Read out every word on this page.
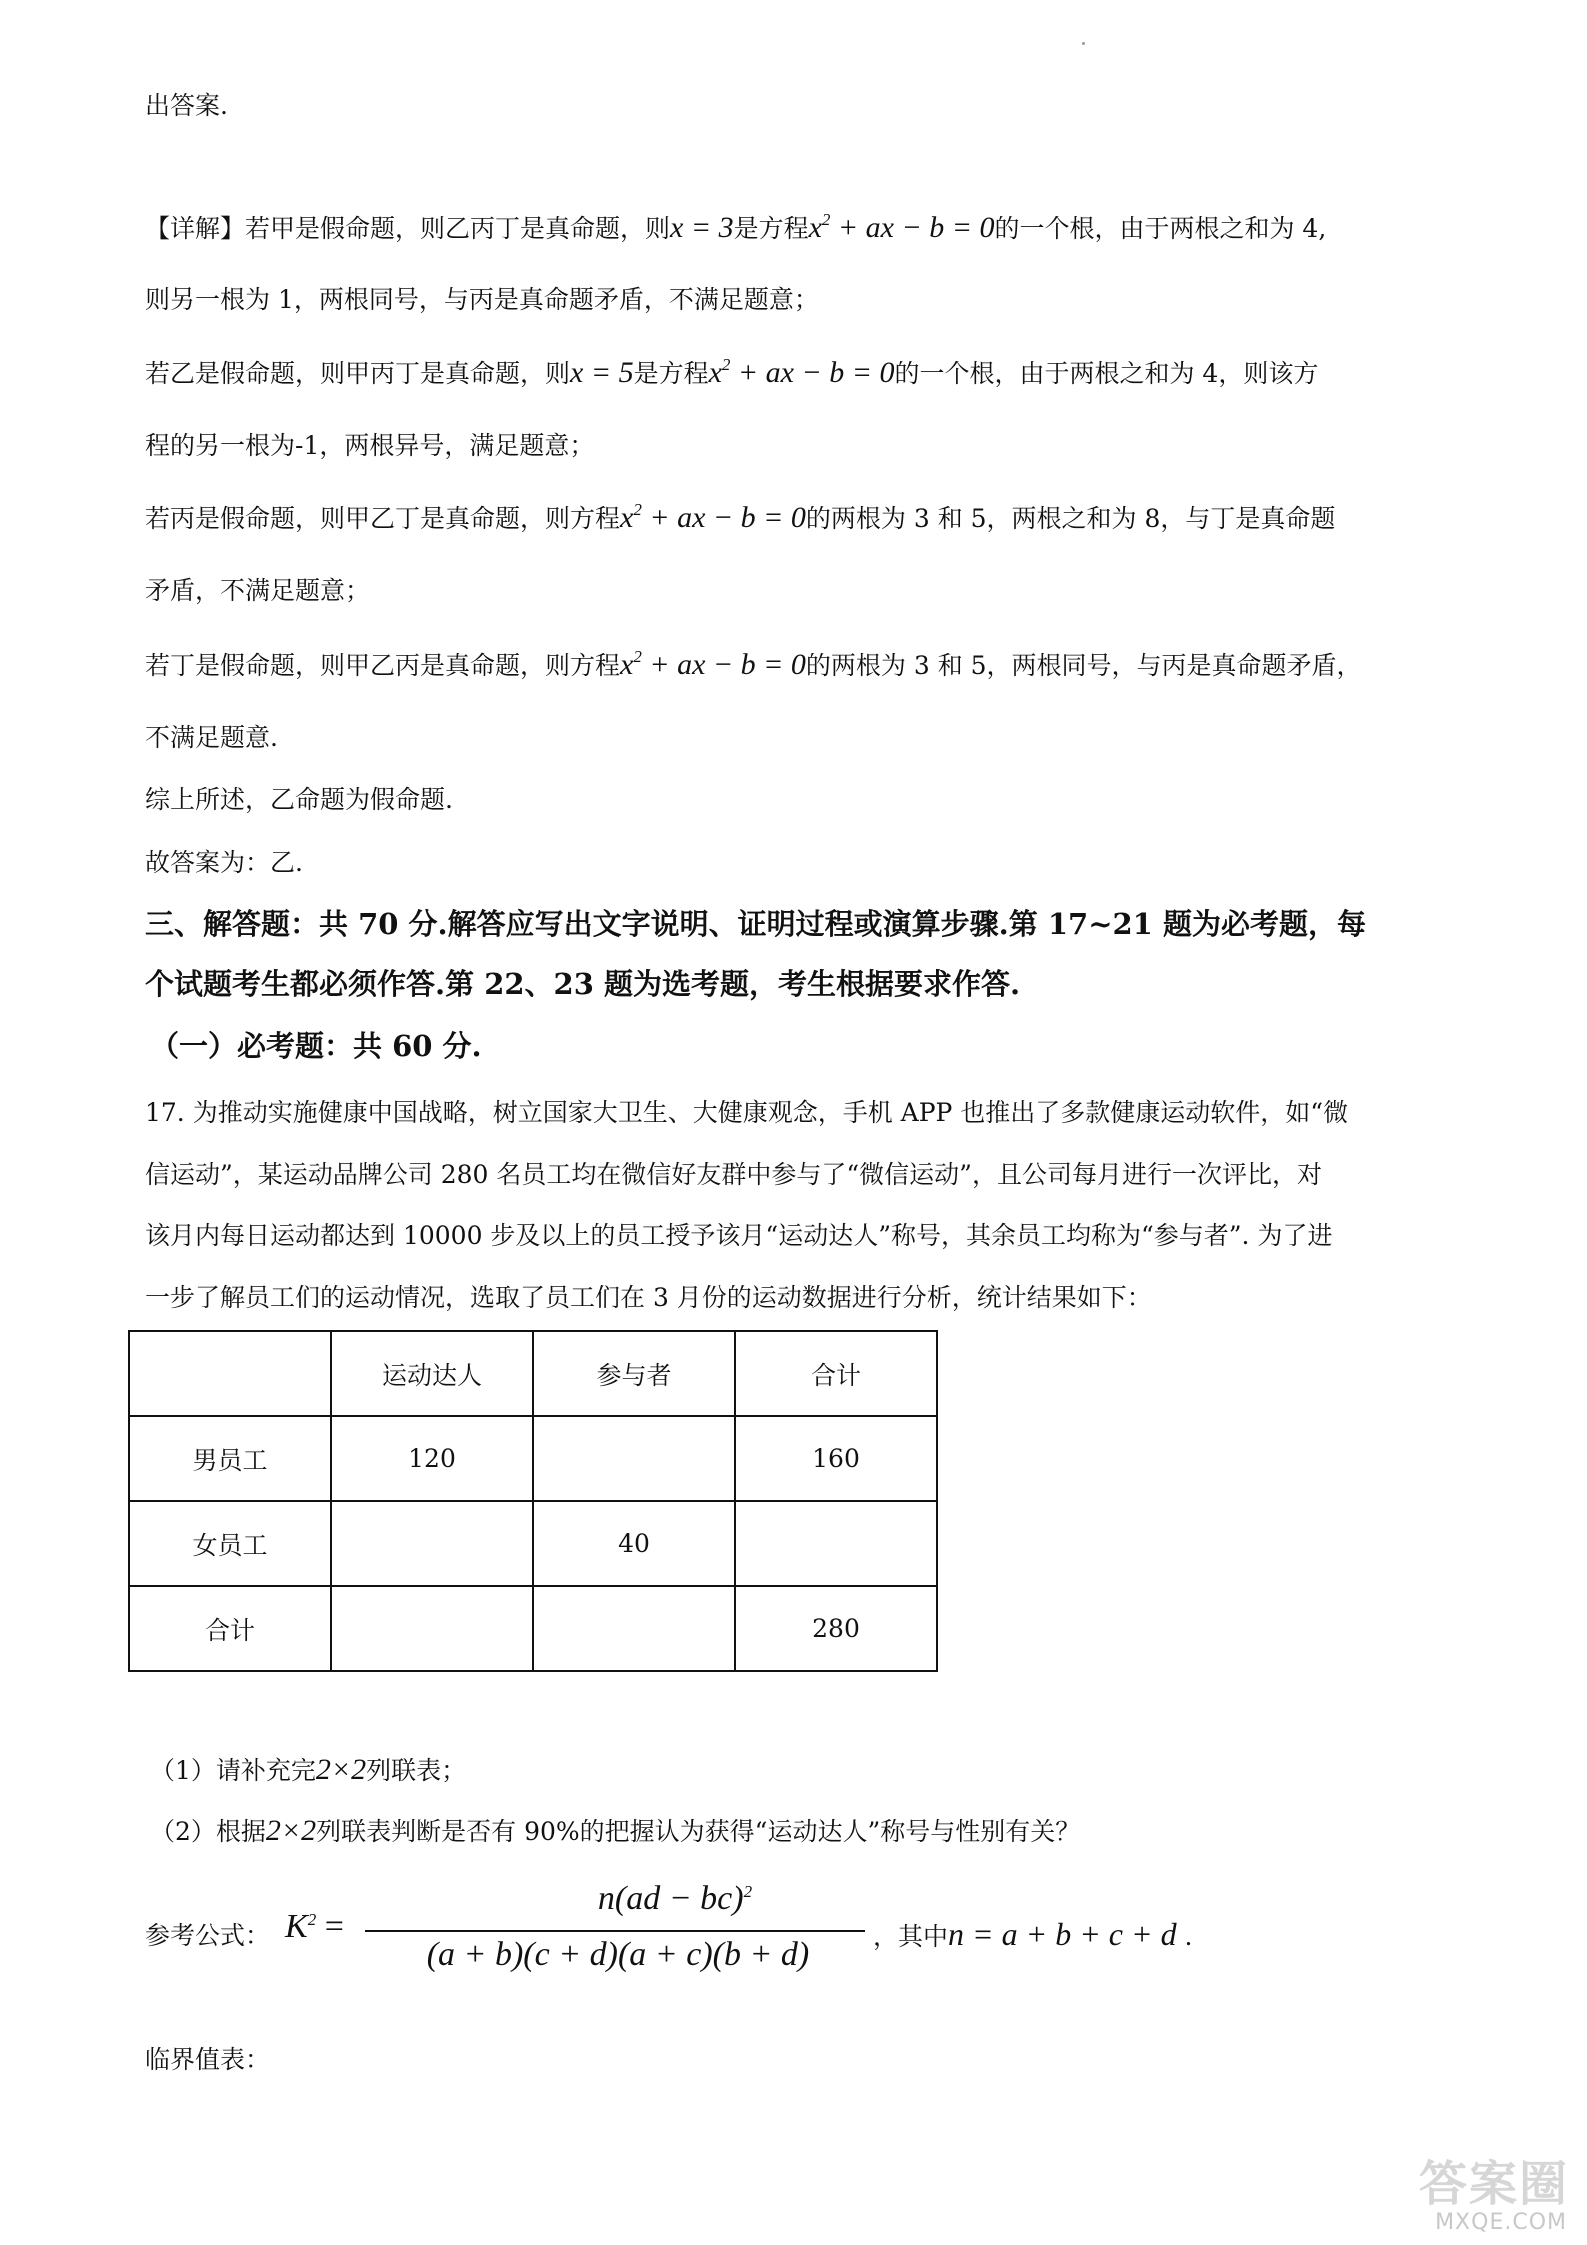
出答案.
【详解】若甲是假命题，则乙丙丁是真命题，则x = 3是方程$x^2$ + ax − b = 0的一个根，由于两根之和为 4,
则另一根为 1，两根同号，与丙是真命题矛盾，不满足题意；
若乙是假命题，则甲丙丁是真命题，则x = 5是方程$x^2$ + ax − b = 0的一个根，由于两根之和为 4，则该方
程的另一根为-1，两根异号，满足题意；
若丙是假命题，则甲乙丁是真命题，则方程$x^2$ + ax − b = 0的两根为 3 和 5，两根之和为 8，与丁是真命题
矛盾，不满足题意；
若丁是假命题，则甲乙丙是真命题，则方程$x^2$ + ax − b = 0的两根为 3 和 5，两根同号，与丙是真命题矛盾，
不满足题意.
综上所述，乙命题为假命题.
故答案为：乙.
三、解答题：共 70 分.解答应写出文字说明、证明过程或演算步骤.第 17~21 题为必考题，每
个试题考生都必须作答.第 22、23 题为选考题，考生根据要求作答.
（一）必考题：共 60 分.
17. 为推动实施健康中国战略，树立国家大卫生、大健康观念，手机 APP 也推出了多款健康运动软件，如“微
信运动”，某运动品牌公司 280 名员工均在微信好友群中参与了“微信运动”，且公司每月进行一次评比，对
该月内每日运动都达到 10000 步及以上的员工授予该月“运动达人”称号，其余员工均称为“参与者”. 为了进
一步了解员工们的运动情况，选取了员工们在 3 月份的运动数据进行分析，统计结果如下：
	运动达人	参与者	合计
男员工	120		160
女员工		40	
合计			280
（1）请补充完2×2列联表；
（2）根据2×2列联表判断是否有 90%的把握认为获得“运动达人”称号与性别有关？
参考公式： $K^2$ =
n(ad − bc)$^2$
(a + b)(c + d)(a + c)(b + d)	，其中n = a + b + c + d .
临界值表：
答案圈
MXQE.COM
